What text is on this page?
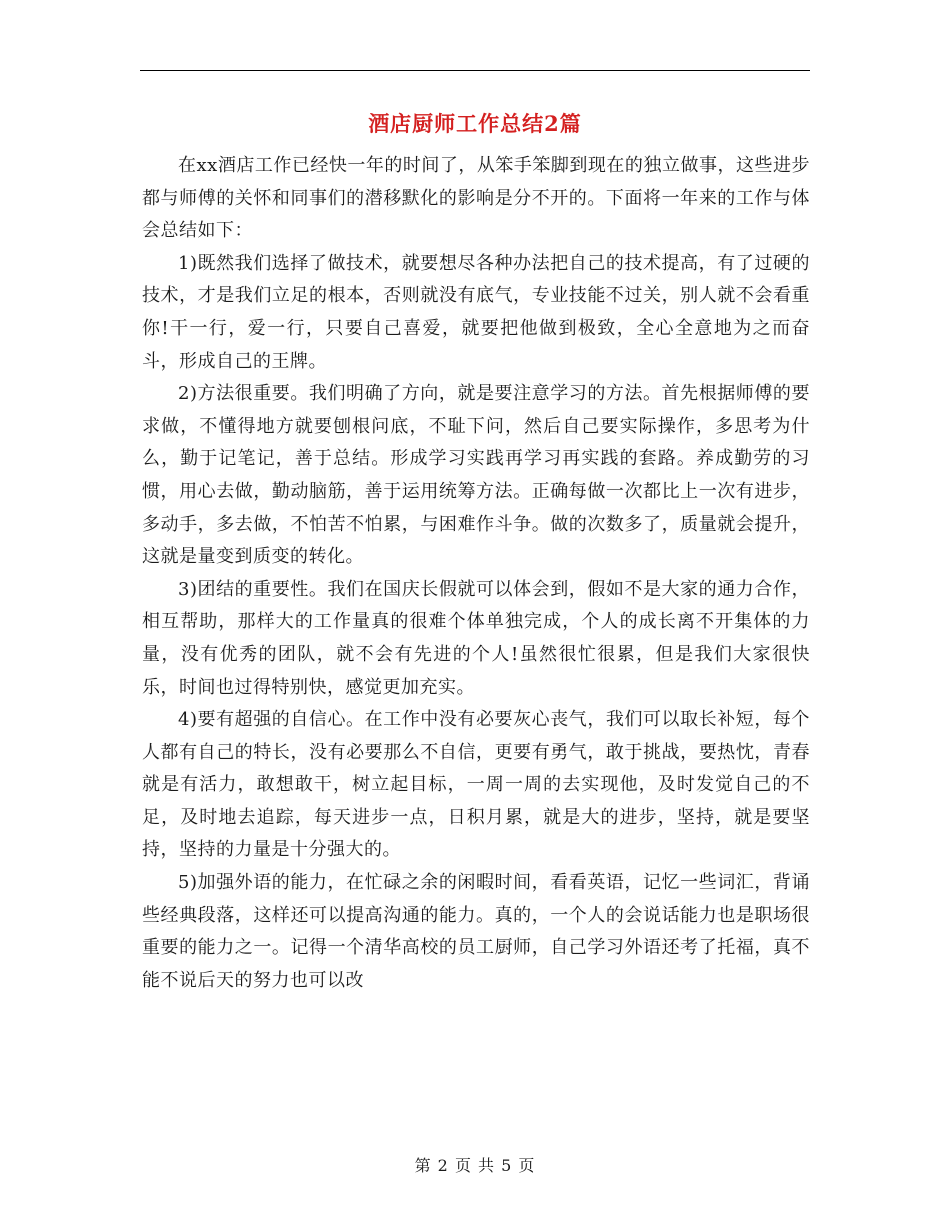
酒店厨师工作总结2篇

在xx酒店工作已经快一年的时间了，从笨手笨脚到现在的独立做事，这些进步都与师傅的关怀和同事们的潜移默化的影响是分不开的。下面将一年来的工作与体会总结如下：

1)既然我们选择了做技术，就要想尽各种办法把自己的技术提高，有了过硬的技术，才是我们立足的根本，否则就没有底气，专业技能不过关，别人就不会看重你!干一行，爱一行，只要自己喜爱，就要把他做到极致，全心全意地为之而奋斗，形成自己的王牌。

2)方法很重要。我们明确了方向，就是要注意学习的方法。首先根据师傅的要求做，不懂得地方就要刨根问底，不耻下问，然后自己要实际操作，多思考为什么，勤于记笔记，善于总结。形成学习实践再学习再实践的套路。养成勤劳的习惯，用心去做，勤动脑筋，善于运用统筹方法。正确每做一次都比上一次有进步，多动手，多去做，不怕苦不怕累，与困难作斗争。做的次数多了，质量就会提升，这就是量变到质变的转化。

3)团结的重要性。我们在国庆长假就可以体会到，假如不是大家的通力合作，相互帮助，那样大的工作量真的很难个体单独完成，个人的成长离不开集体的力量，没有优秀的团队，就不会有先进的个人!虽然很忙很累，但是我们大家很快乐，时间也过得特别快，感觉更加充实。

4)要有超强的自信心。在工作中没有必要灰心丧气，我们可以取长补短，每个人都有自己的特长，没有必要那么不自信，更要有勇气，敢于挑战，要热忱，青春就是有活力，敢想敢干，树立起目标，一周一周的去实现他，及时发觉自己的不足，及时地去追踪，每天进步一点，日积月累，就是大的进步，坚持，就是要坚持，坚持的力量是十分强大的。

5)加强外语的能力，在忙碌之余的闲暇时间，看看英语，记忆一些词汇，背诵些经典段落，这样还可以提高沟通的能力。真的，一个人的会说话能力也是职场很重要的能力之一。记得一个清华高校的员工厨师，自己学习外语还考了托福，真不能不说后天的努力也可以改

第 2 页 共 5 页
